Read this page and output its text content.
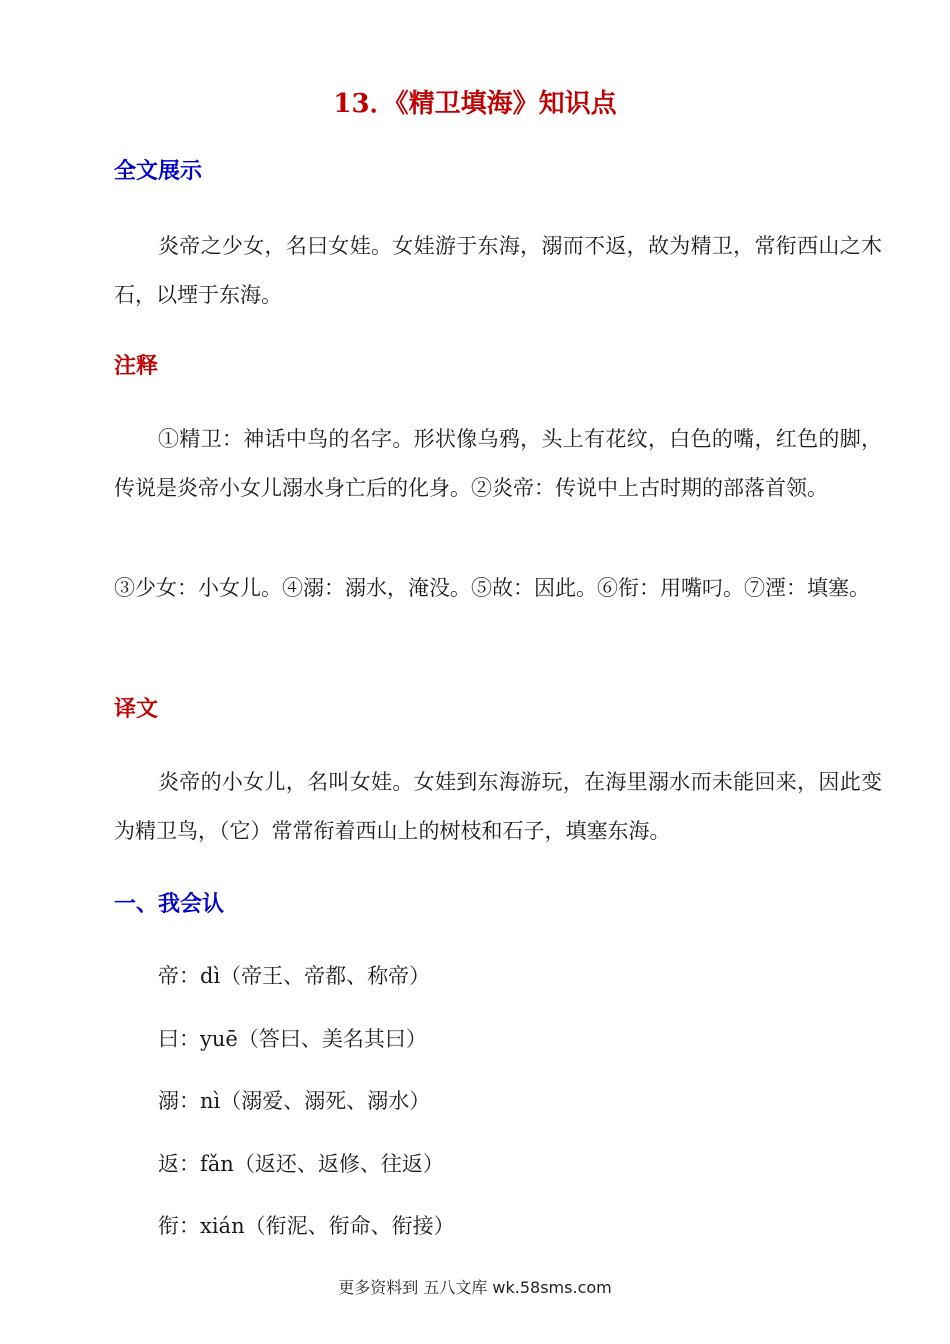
13．《精卫填海》知识点
全文展示

炎帝之少女，名曰女娃。女娃游于东海，溺而不返，故为精卫，常衔西山之木石，以堙于东海。

注释

①精卫：神话中鸟的名字。形状像乌鸦，头上有花纹，白色的嘴，红色的脚，传说是炎帝小女儿溺水身亡后的化身。②炎帝：传说中上古时期的部落首领。

③少女：小女儿。④溺：溺水，淹没。⑤故：因此。⑥衔：用嘴叼。⑦湮：填塞。

译文

炎帝的小女儿，名叫女娃。女娃到东海游玩，在海里溺水而未能回来，因此变为精卫鸟，（它）常常衔着西山上的树枝和石子，填塞东海。

一、我会认

帝：dì（帝王、帝都、称帝）

曰：yuē（答曰、美名其曰）

溺：nì（溺爱、溺死、溺水）

返：fǎn（返还、返修、往返）

衔：xián（衔泥、衔命、衔接）

更多资料到 五八文库 wk.58sms.com
